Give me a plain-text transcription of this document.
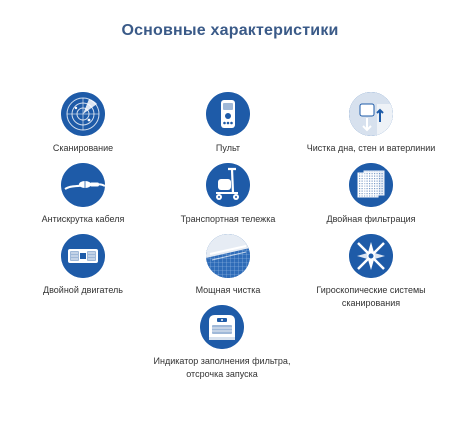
Основные характеристики
Сканирование	Пульт	Чистка дна, стен и ватерлинии
Антискрутка кабеля	Транспортная тележка	Двойная фильтрация
Двойной двигатель	Мощная чистка	Гироскопические системы сканирования
Индикатор заполнения фильтра, отсрочка запуска
